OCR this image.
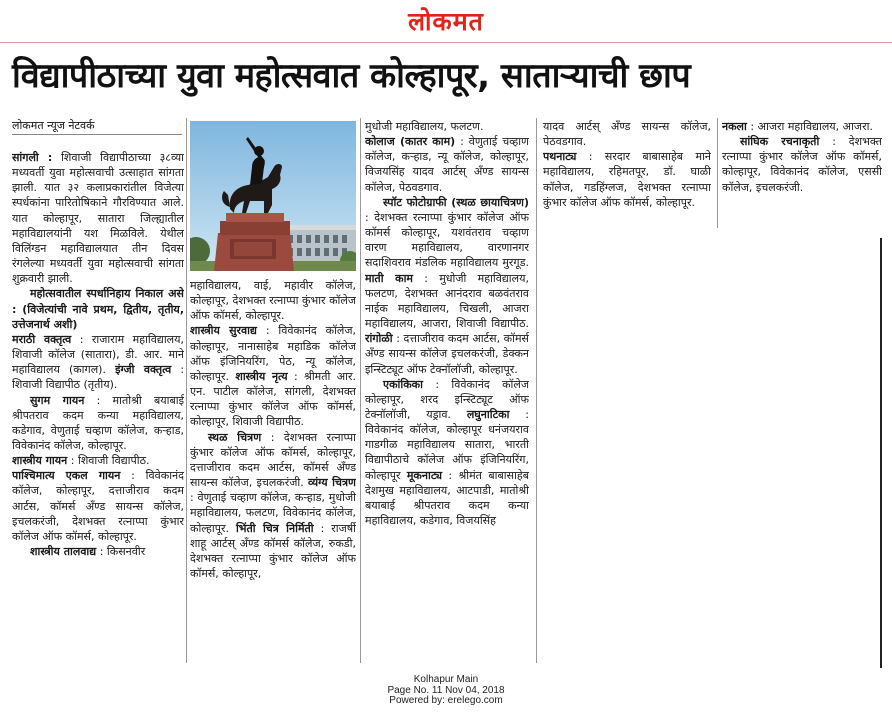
लोकमत
विद्यापीठाच्या युवा महोत्सवात कोल्हापूर, साताऱ्याची छाप
लोकमत न्यूज नेटवर्क

सांगली : शिवाजी विद्यापीठाच्या ३८व्या मध्यवर्ती युवा महोत्सवाची उत्साहात सांगता झाली. यात ३२ कलाप्रकारांतील विजेत्या स्पर्धकांना पारितोषिकाने गौरविण्यात आले. यात कोल्हापूर, सातारा जिल्ह्यातील महाविद्यालयांनी यश मिळविले. येथील विलिंग्डन महाविद्यालयात तीन दिवस रंगलेल्या मध्यवर्ती युवा महोत्सवाची सांगता शुक्रवारी झाली.

महोत्सवातील स्पर्धानिहाय निकाल असे : (विजेत्यांची नावे प्रथम, द्वितीय, तृतीय, उत्तेजनार्थ अशी)

मराठी वक्तृत्व : राजाराम महाविद्यालय, शिवाजी कॉलेज (सातारा), डी. आर. माने महाविद्यालय (कागल). इंग्जी वक्तृत्व : शिवाजी विद्यापीठ (तृतीय).

सुगम गायन : मातोश्री बयाबाई श्रीपतराव कदम कन्या महाविद्यालय, कडेगाव, वेणुताई चव्हाण कॉलेज, कऱ्हाड, विवेकानंद कॉलेज, कोल्हापूर.

शास्त्रीय गायन : शिवाजी विद्यापीठ.

पाश्चिमात्य एकल गायन : विवेकानंद कॉलेज, कोल्हापूर, दत्ताजीराव कदम आर्टस, कॉमर्स अँण्ड सायन्स कॉलेज, इचलकरंजी, देशभक्त रत्नाप्पा कुंभार कॉलेज ऑफ कॉमर्स, कोल्हापूर.

शास्त्रीय तालवाद्य : किसनवीर

महाविद्यालय, वाई, महावीर कॉलेज, कोल्हापूर, देशभक्त रत्नाप्पा कुंभार कॉलेज ऑफ कॉमर्स, कोल्हापूर.

शास्त्रीय सुरवाद्य : विवेकानंद कॉलेज, कोल्हापूर, नानासाहेब महाडिक कॉलेज ऑफ इंजिनियरिंग, पेठ, न्यू कॉलेज, कोल्हापूर. शास्त्रीय नृत्य : श्रीमती आर. एन. पाटील कॉलेज, सांगली, देशभक्त रत्नाप्पा कुंभार कॉलेज ऑफ कॉमर्स, कोल्हापूर, शिवाजी विद्यापीठ.

स्थळ चित्रण : देशभक्त रत्नाप्पा कुंभार कॉलेज ऑफ कॉमर्स, कोल्हापूर, दत्ताजीराव कदम आर्टस, कॉमर्स अँण्ड सायन्स कॉलेज, इचलकरंजी. व्यंग्य चित्रण : वेणुताई चव्हाण कॉलेज, कऱ्हाड, मुधोजी महाविद्यालय, फलटण, विवेकानंद कॉलेज, कोल्हापूर. भिंती चित्र निर्मिती : राजर्षी शाहू आर्टस् अँण्ड कॉमर्स कॉलेज, रुकडी, देशभक्त रत्नाप्पा कुंभार कॉलेज ऑफ कॉमर्स, कोल्हापूर,

मुधोजी महाविद्यालय, फलटण.

कोलाज (कातर काम) : वेणुताई चव्हाण कॉलेज, कऱ्हाड, न्यू कॉलेज, कोल्हापूर, विजयसिंह यादव आर्टस् अँण्ड सायन्स कॉलेज, पेठवडगाव.

स्पॉट फोटोग्राफी (स्थळ छायाचित्रण) : देशभक्त रत्नाप्पा कुंभार कॉलेज ऑफ कॉमर्स कोल्हापूर, यशवंतराव चव्हाण वारण महाविद्यालय, वारणानगर सदाशिवराव मंडलिक महाविद्यालय मुरगूड. माती काम : मुधोजी महाविद्यालय, फलटण, देशभक्त आनंदराव बळवंतराव नाईक महाविद्यालय, चिखली, आजरा महाविद्यालय, आजरा, शिवाजी विद्यापीठ. रांगोळी : दत्ताजीराव कदम आर्टस, कॉमर्स अँण्ड सायन्स कॉलेज इचलकरंजी, डेक्कन इन्स्टिट्यूट ऑफ टेक्नॉलॉजी, कोल्हापूर.

एकांकिका : विवेकानंद कॉलेज कोल्हापूर, शरद इन्स्टिट्यूट ऑफ टेक्नॉलॉजी, यड्राव. लघुनाटिका : विवेकानंद कॉलेज, कोल्हापूर धनंजयराव गाडगीळ महाविद्यालय सातारा, भारती विद्यापीठाचे कॉलेज ऑफ इंजिनियरिंग, कोल्हापूर मूकनाट्य : श्रीमंत बाबासाहेब देशमुख महाविद्यालय, आटपाडी, मातोश्री बयाबाई श्रीपतराव कदम कन्या महाविद्यालय, कडेगाव, विजयसिंह

यादव आर्टस् अँण्ड सायन्स कॉलेज, पेठवडगाव.

पथनाट्य : सरदार बाबासाहेब माने महाविद्यालय, रहिमतपूर, डॉ. घाळी कॉलेज, गडहिंग्लज, देशभक्त रत्नाप्पा कुंभार कॉलेज ऑफ कॉमर्स, कोल्हापूर.

नकला : आजरा महाविद्यालय, आजरा.

सांघिक रचनाकृती : देशभक्त रत्नाप्पा कुंभार कॉलेज ऑफ कॉमर्स, कोल्हापूर, विवेकानंद कॉलेज, एससी कॉलेज, इचलकरंजी.

Kolhapur Main
Page No. 11 Nov 04, 2018
Powered by: erelego.com
